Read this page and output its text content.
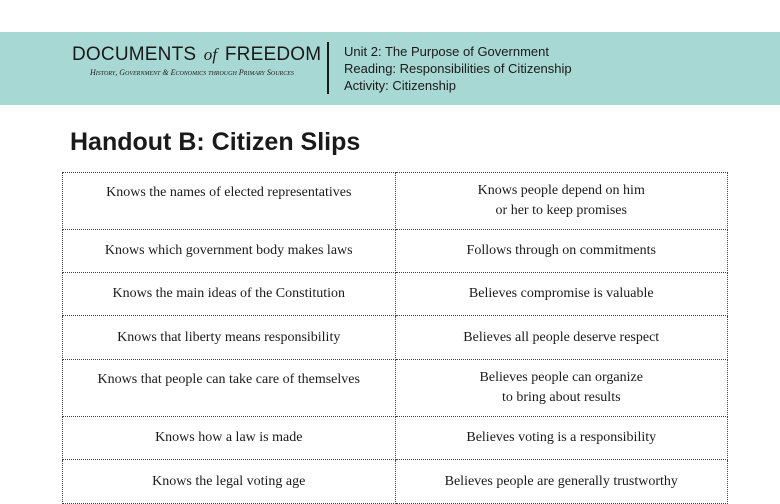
DOCUMENTS of FREEDOM
History, Government & Economics through Primary Sources
Unit 2: The Purpose of Government
Reading: Responsibilities of Citizenship
Activity: Citizenship
Handout B: Citizen Slips
Knows the names of elected representatives	Knows people depend on him
or her to keep promises

Knows which government body makes laws	Follows through on commitments

Knows the main ideas of the Constitution	Believes compromise is valuable

Knows that liberty means responsibility	Believes all people deserve respect

Knows that people can take care of themselves	Believes people can organize
to bring about results

Knows how a law is made	Believes voting is a responsibility

Knows the legal voting age	Believes people are generally trustworthy
